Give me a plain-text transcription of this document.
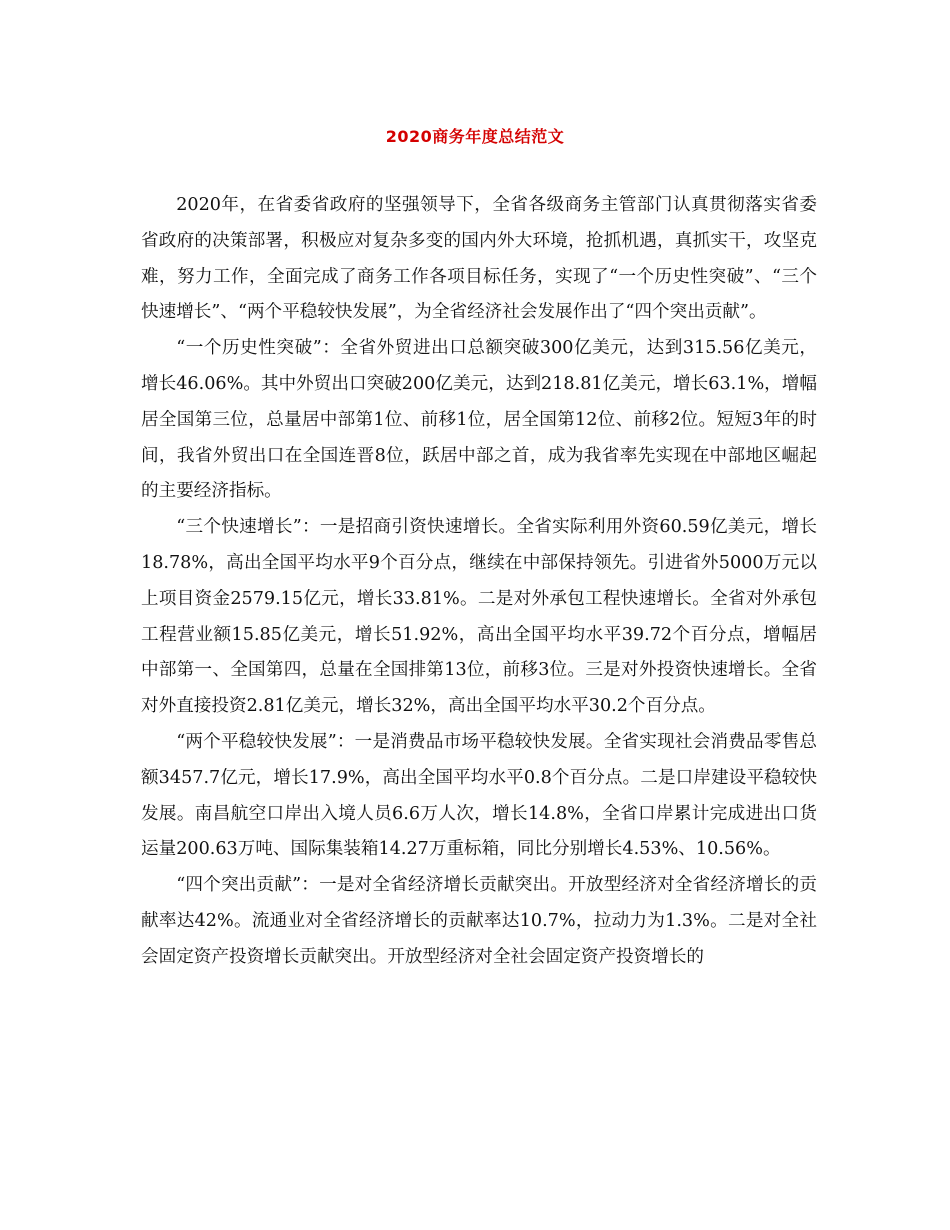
2020商务年度总结范文

2020年，在省委省政府的坚强领导下，全省各级商务主管部门认真贯彻落实省委省政府的决策部署，积极应对复杂多变的国内外大环境，抢抓机遇，真抓实干，攻坚克难，努力工作，全面完成了商务工作各项目标任务，实现了“一个历史性突破”、“三个快速增长”、“两个平稳较快发展”，为全省经济社会发展作出了“四个突出贡献”。

“一个历史性突破”：全省外贸进出口总额突破300亿美元，达到315.56亿美元，增长46.06%。其中外贸出口突破200亿美元，达到218.81亿美元，增长63.1%，增幅居全国第三位，总量居中部第1位、前移1位，居全国第12位、前移2位。短短3年的时间，我省外贸出口在全国连晋8位，跃居中部之首，成为我省率先实现在中部地区崛起的主要经济指标。

“三个快速增长”：一是招商引资快速增长。全省实际利用外资60.59亿美元，增长18.78%，高出全国平均水平9个百分点，继续在中部保持领先。引进省外5000万元以上项目资金2579.15亿元，增长33.81%。二是对外承包工程快速增长。全省对外承包工程营业额15.85亿美元，增长51.92%，高出全国平均水平39.72个百分点，增幅居中部第一、全国第四，总量在全国排第13位，前移3位。三是对外投资快速增长。全省对外直接投资2.81亿美元，增长32%，高出全国平均水平30.2个百分点。

“两个平稳较快发展”：一是消费品市场平稳较快发展。全省实现社会消费品零售总额3457.7亿元，增长17.9%，高出全国平均水平0.8个百分点。二是口岸建设平稳较快发展。南昌航空口岸出入境人员6.6万人次，增长14.8%，全省口岸累计完成进出口货运量200.63万吨、国际集装箱14.27万重标箱，同比分别增长4.53%、10.56%。

“四个突出贡献”：一是对全省经济增长贡献突出。开放型经济对全省经济增长的贡献率达42%。流通业对全省经济增长的贡献率达10.7%，拉动力为1.3%。二是对全社会固定资产投资增长贡献突出。开放型经济对全社会固定资产投资增长的
